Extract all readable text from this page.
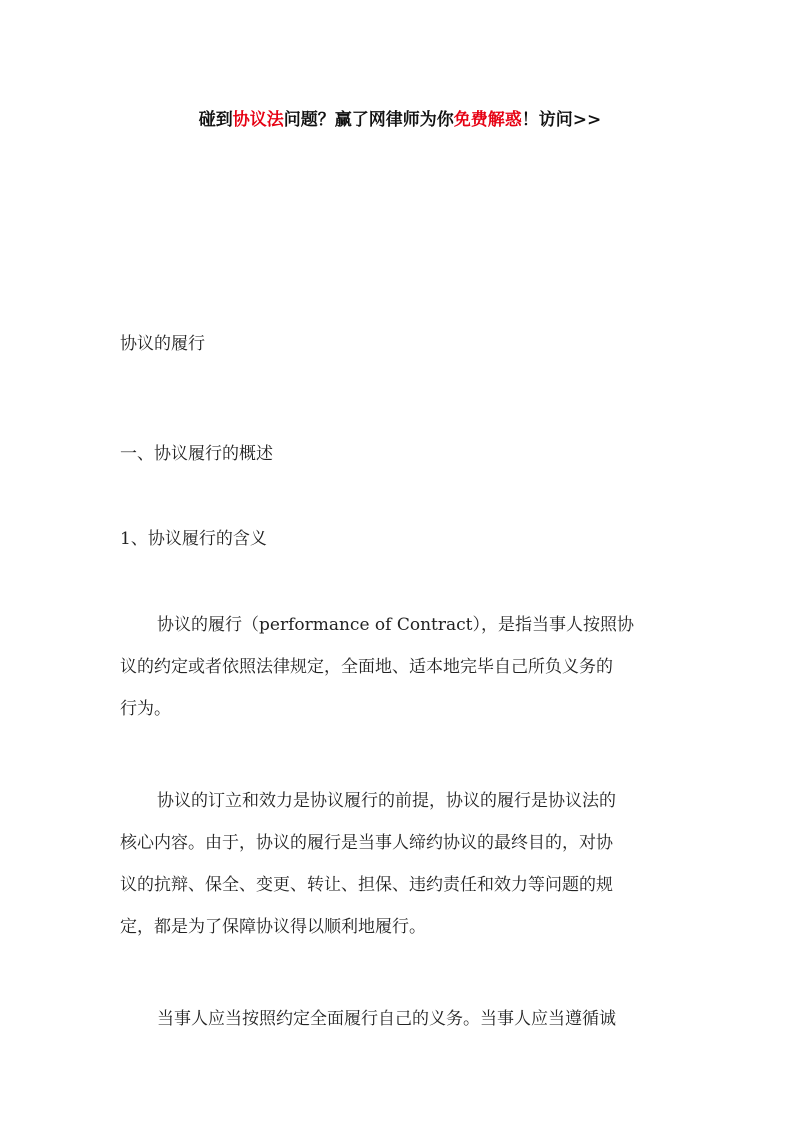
碰到协议法问题？赢了网律师为你免费解惑！访问>>
协议的履行
一、协议履行的概述
1、协议履行的含义

协议的履行（performance of Contract），是指当事人按照协
议的约定或者依照法律规定，全面地、适本地完毕自己所负义务的
行为。

协议的订立和效力是协议履行的前提，协议的履行是协议法的
核心内容。由于，协议的履行是当事人缔约协议的最终目的，对协
议的抗辩、保全、变更、转让、担保、违约责任和效力等问题的规
定，都是为了保障协议得以顺利地履行。

当事人应当按照约定全面履行自己的义务。当事人应当遵循诚
